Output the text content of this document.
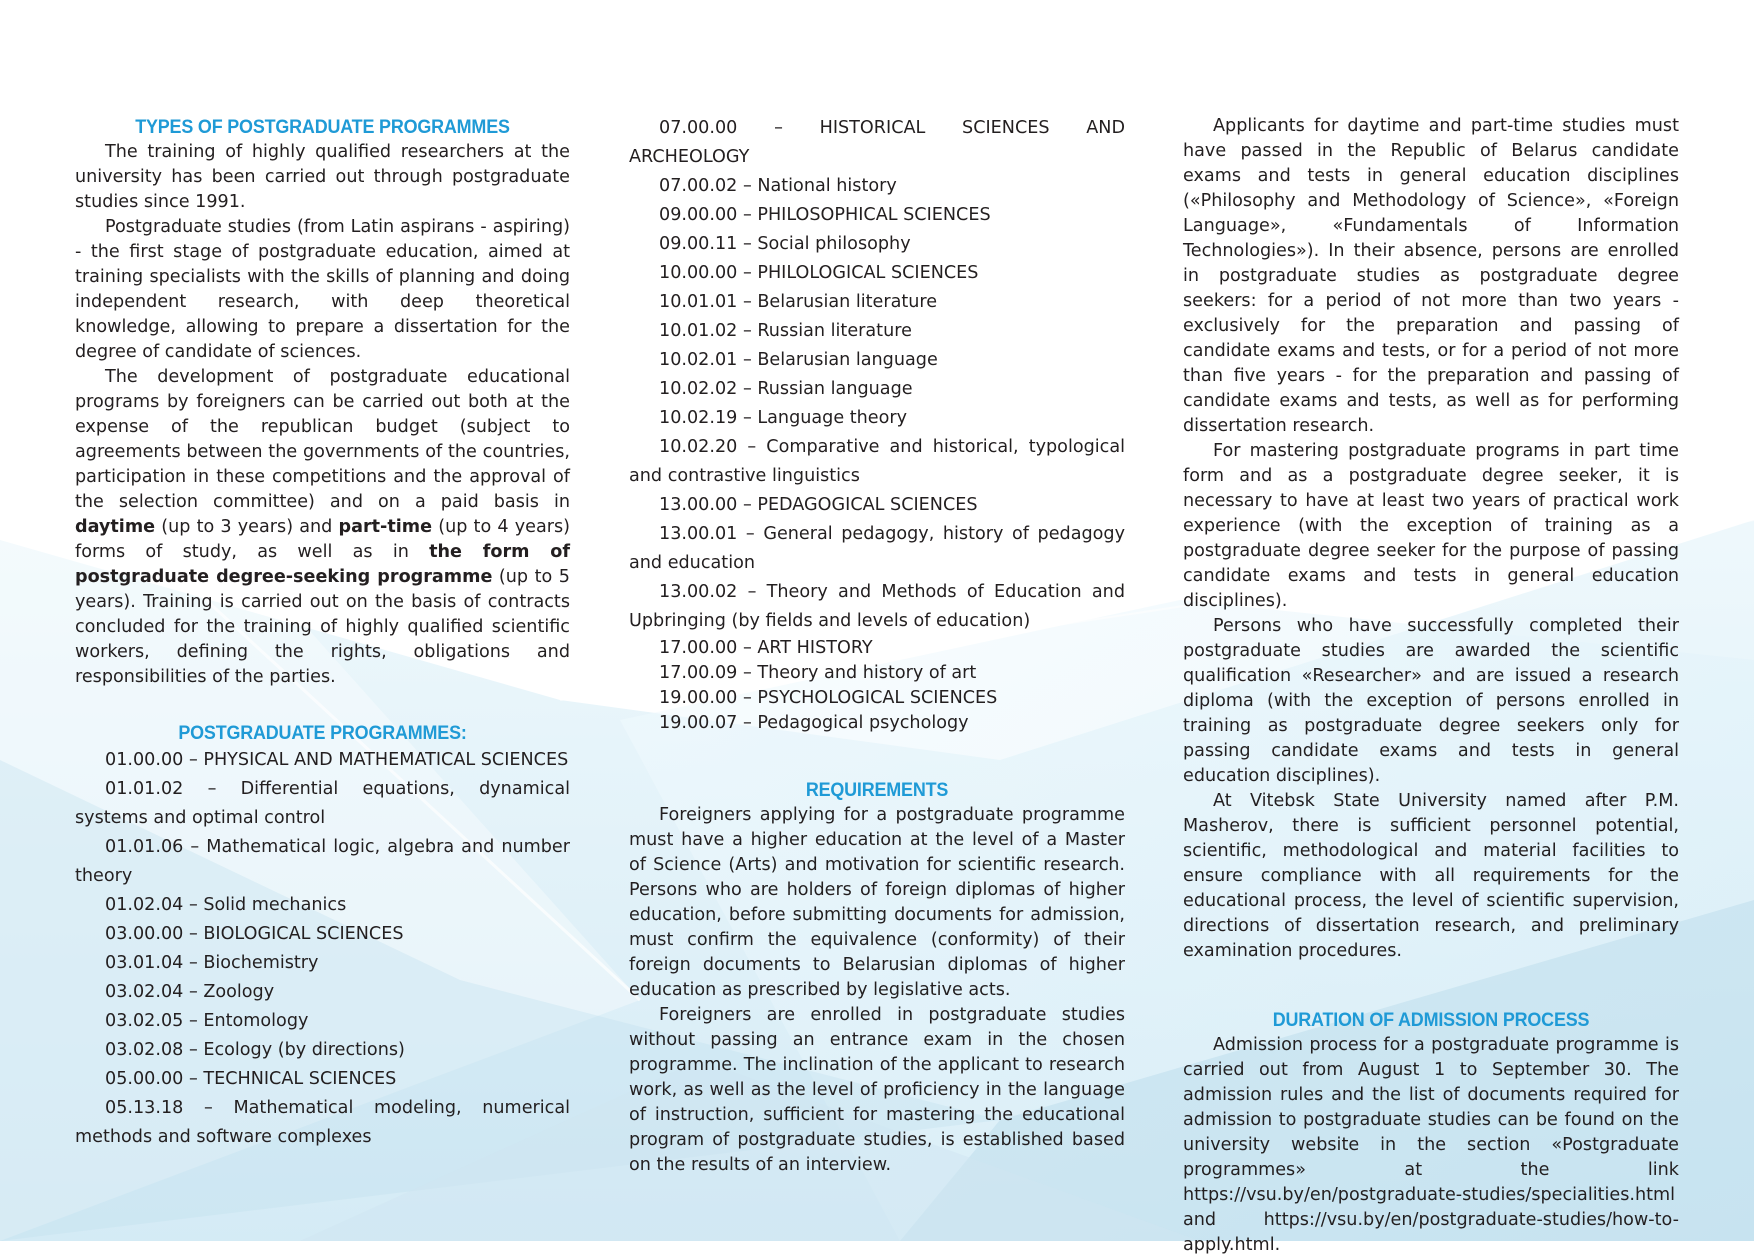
TYPES OF POSTGRADUATE PROGRAMMES

The training of highly qualified researchers at the university has been carried out through postgraduate studies since 1991.

Postgraduate studies (from Latin aspirans - aspiring) - the first stage of postgraduate education, aimed at training specialists with the skills of planning and doing independent research, with deep theoretical knowledge, allowing to prepare a dissertation for the degree of candidate of sciences.

The development of postgraduate educational programs by foreigners can be carried out both at the expense of the republican budget (subject to agreements between the governments of the countries, participation in these competitions and the approval of the selection committee) and on a paid basis in daytime (up to 3 years) and part-time (up to 4 years) forms of study, as well as in the form of postgraduate degree-seeking programme (up to 5 years). Training is carried out on the basis of contracts concluded for the training of highly qualified scientific workers, defining the rights, obligations and responsibilities of the parties.

POSTGRADUATE PROGRAMMES:
01.00.00 – PHYSICAL AND MATHEMATICAL SCIENCES
01.01.02 – Differential equations, dynamical systems and optimal control
01.01.06 – Mathematical logic, algebra and number theory
01.02.04 – Solid mechanics
03.00.00 – BIOLOGICAL SCIENCES
03.01.04 – Biochemistry
03.02.04 – Zoology
03.02.05 – Entomology
03.02.08 – Ecology (by directions)
05.00.00 – TECHNICAL SCIENCES
05.13.18 – Mathematical modeling, numerical methods and software complexes
07.00.00 – HISTORICAL SCIENCES AND ARCHEOLOGY
07.00.02 – National history
09.00.00 – PHILOSOPHICAL SCIENCES
09.00.11 – Social philosophy
10.00.00 – PHILOLOGICAL SCIENCES
10.01.01 – Belarusian literature
10.01.02 – Russian literature
10.02.01 – Belarusian language
10.02.02 – Russian language
10.02.19 – Language theory
10.02.20 – Comparative and historical, typological and contrastive linguistics
13.00.00 – PEDAGOGICAL SCIENCES
13.00.01 – General pedagogy, history of pedagogy and education
13.00.02 – Theory and Methods of Education and Upbringing (by fields and levels of education)
17.00.00 – ART HISTORY
17.00.09 – Theory and history of art
19.00.00 – PSYCHOLOGICAL SCIENCES
19.00.07 – Pedagogical psychology
REQUIREMENTS

Foreigners applying for a postgraduate programme must have a higher education at the level of a Master of Science (Arts) and motivation for scientific research. Persons who are holders of foreign diplomas of higher education, before submitting documents for admission, must confirm the equivalence (conformity) of their foreign documents to Belarusian diplomas of higher education as prescribed by legislative acts.

Foreigners are enrolled in postgraduate studies without passing an entrance exam in the chosen programme. The inclination of the applicant to research work, as well as the level of proficiency in the language of instruction, sufficient for mastering the educational program of postgraduate studies, is established based on the results of an interview.

Applicants for daytime and part-time studies must have passed in the Republic of Belarus candidate exams and tests in general education disciplines («Philosophy and Methodology of Science», «Foreign Language», «Fundamentals of Information Technologies»). In their absence, persons are enrolled in postgraduate studies as postgraduate degree seekers: for a period of not more than two years - exclusively for the preparation and passing of candidate exams and tests, or for a period of not more than five years - for the preparation and passing of candidate exams and tests, as well as for performing dissertation research.

For mastering postgraduate programs in part time form and as a postgraduate degree seeker, it is necessary to have at least two years of practical work experience (with the exception of training as a postgraduate degree seeker for the purpose of passing candidate exams and tests in general education disciplines).

Persons who have successfully completed their postgraduate studies are awarded the scientific qualification «Researcher» and are issued a research diploma (with the exception of persons enrolled in training as postgraduate degree seekers only for passing candidate exams and tests in general education disciplines).

At Vitebsk State University named after P.M. Masherov, there is sufficient personnel potential, scientific, methodological and material facilities to ensure compliance with all requirements for the educational process, the level of scientific supervision, directions of dissertation research, and preliminary examination procedures.

DURATION OF ADMISSION PROCESS

Admission process for a postgraduate programme is carried out from August 1 to September 30. The admission rules and the list of documents required for admission to postgraduate studies can be found on the university website in the section «Postgraduate programmes» at the link https://vsu.by/en/postgraduate-studies/specialities.html and https://vsu.by/en/postgraduate-studies/how-to-apply.html.
